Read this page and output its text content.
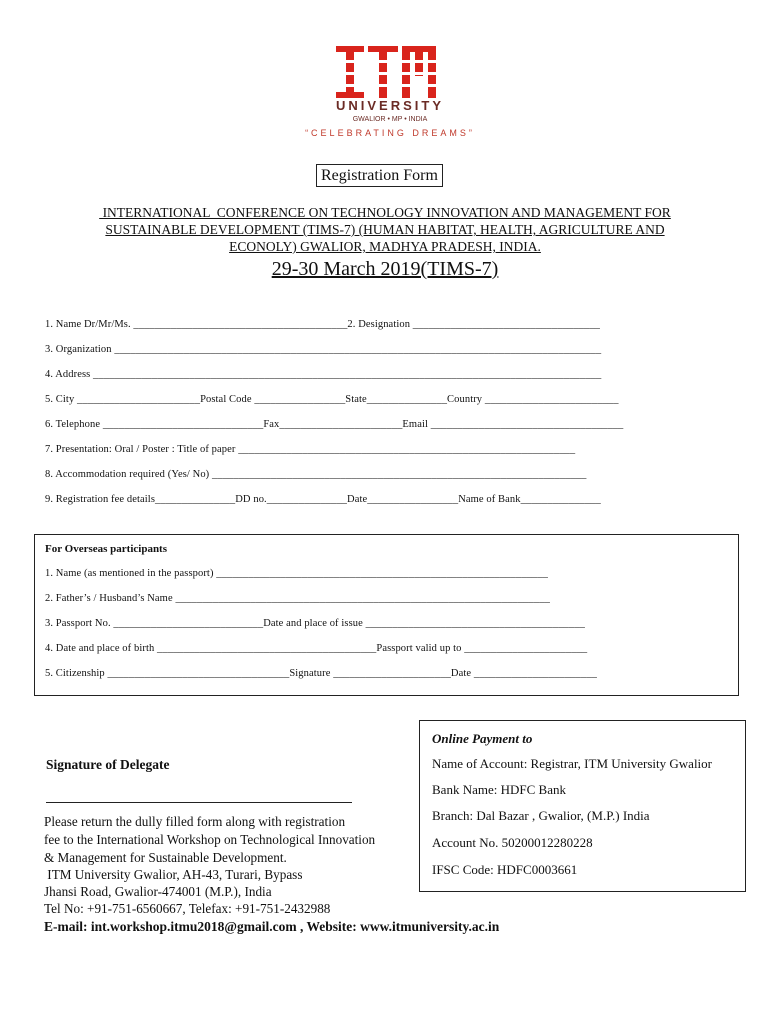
UNIVERSITY
GWALIOR • MP • INDIA
“CELEBRATING DREAMS”
Registration Form
INTERNATIONAL  CONFERENCE ON TECHNOLOGY INNOVATION AND MANAGEMENT FOR
SUSTAINABLE DEVELOPMENT (TIMS-7) (HUMAN HABITAT, HEALTH, AGRICULTURE AND
ECONOLY) GWALIOR, MADHYA PRADESH, INDIA.
29-30 March 2019(TIMS-7)
1. Name Dr/Mr/Ms. ________________________________________2. Designation ___________________________________
3. Organization ___________________________________________________________________________________________
4. Address _______________________________________________________________________________________________
5. City _______________________Postal Code _________________State_______________Country _________________________
6. Telephone ______________________________Fax_______________________Email ____________________________________
7. Presentation: Oral / Poster : Title of paper _______________________________________________________________
8. Accommodation required (Yes/ No) ______________________________________________________________________
9. Registration fee details_______________DD no._______________Date_________________Name of Bank_______________
For Overseas participants
1. Name (as mentioned in the passport) ______________________________________________________________
2. Father’s / Husband’s Name ______________________________________________________________________
3. Passport No. ____________________________Date and place of issue _________________________________________
4. Date and place of birth _________________________________________Passport valid up to _______________________
5. Citizenship __________________________________Signature ______________________Date _______________________
Signature of Delegate
Please return the dully filled form along with registration
fee to the International Workshop on Technological Innovation
& Management for Sustainable Development.
ITM University Gwalior, AH-43, Turari, Bypass
Jhansi Road, Gwalior-474001 (M.P.), India
Tel No: +91-751-6560667, Telefax: +91-751-2432988
E-mail: int.workshop.itmu2018@gmail.com , Website: www.itmuniversity.ac.in
Online Payment to
Name of Account: Registrar, ITM University Gwalior
Bank Name: HDFC Bank
Branch: Dal Bazar , Gwalior, (M.P.) India
Account No. 50200012280228
IFSC Code: HDFC0003661
